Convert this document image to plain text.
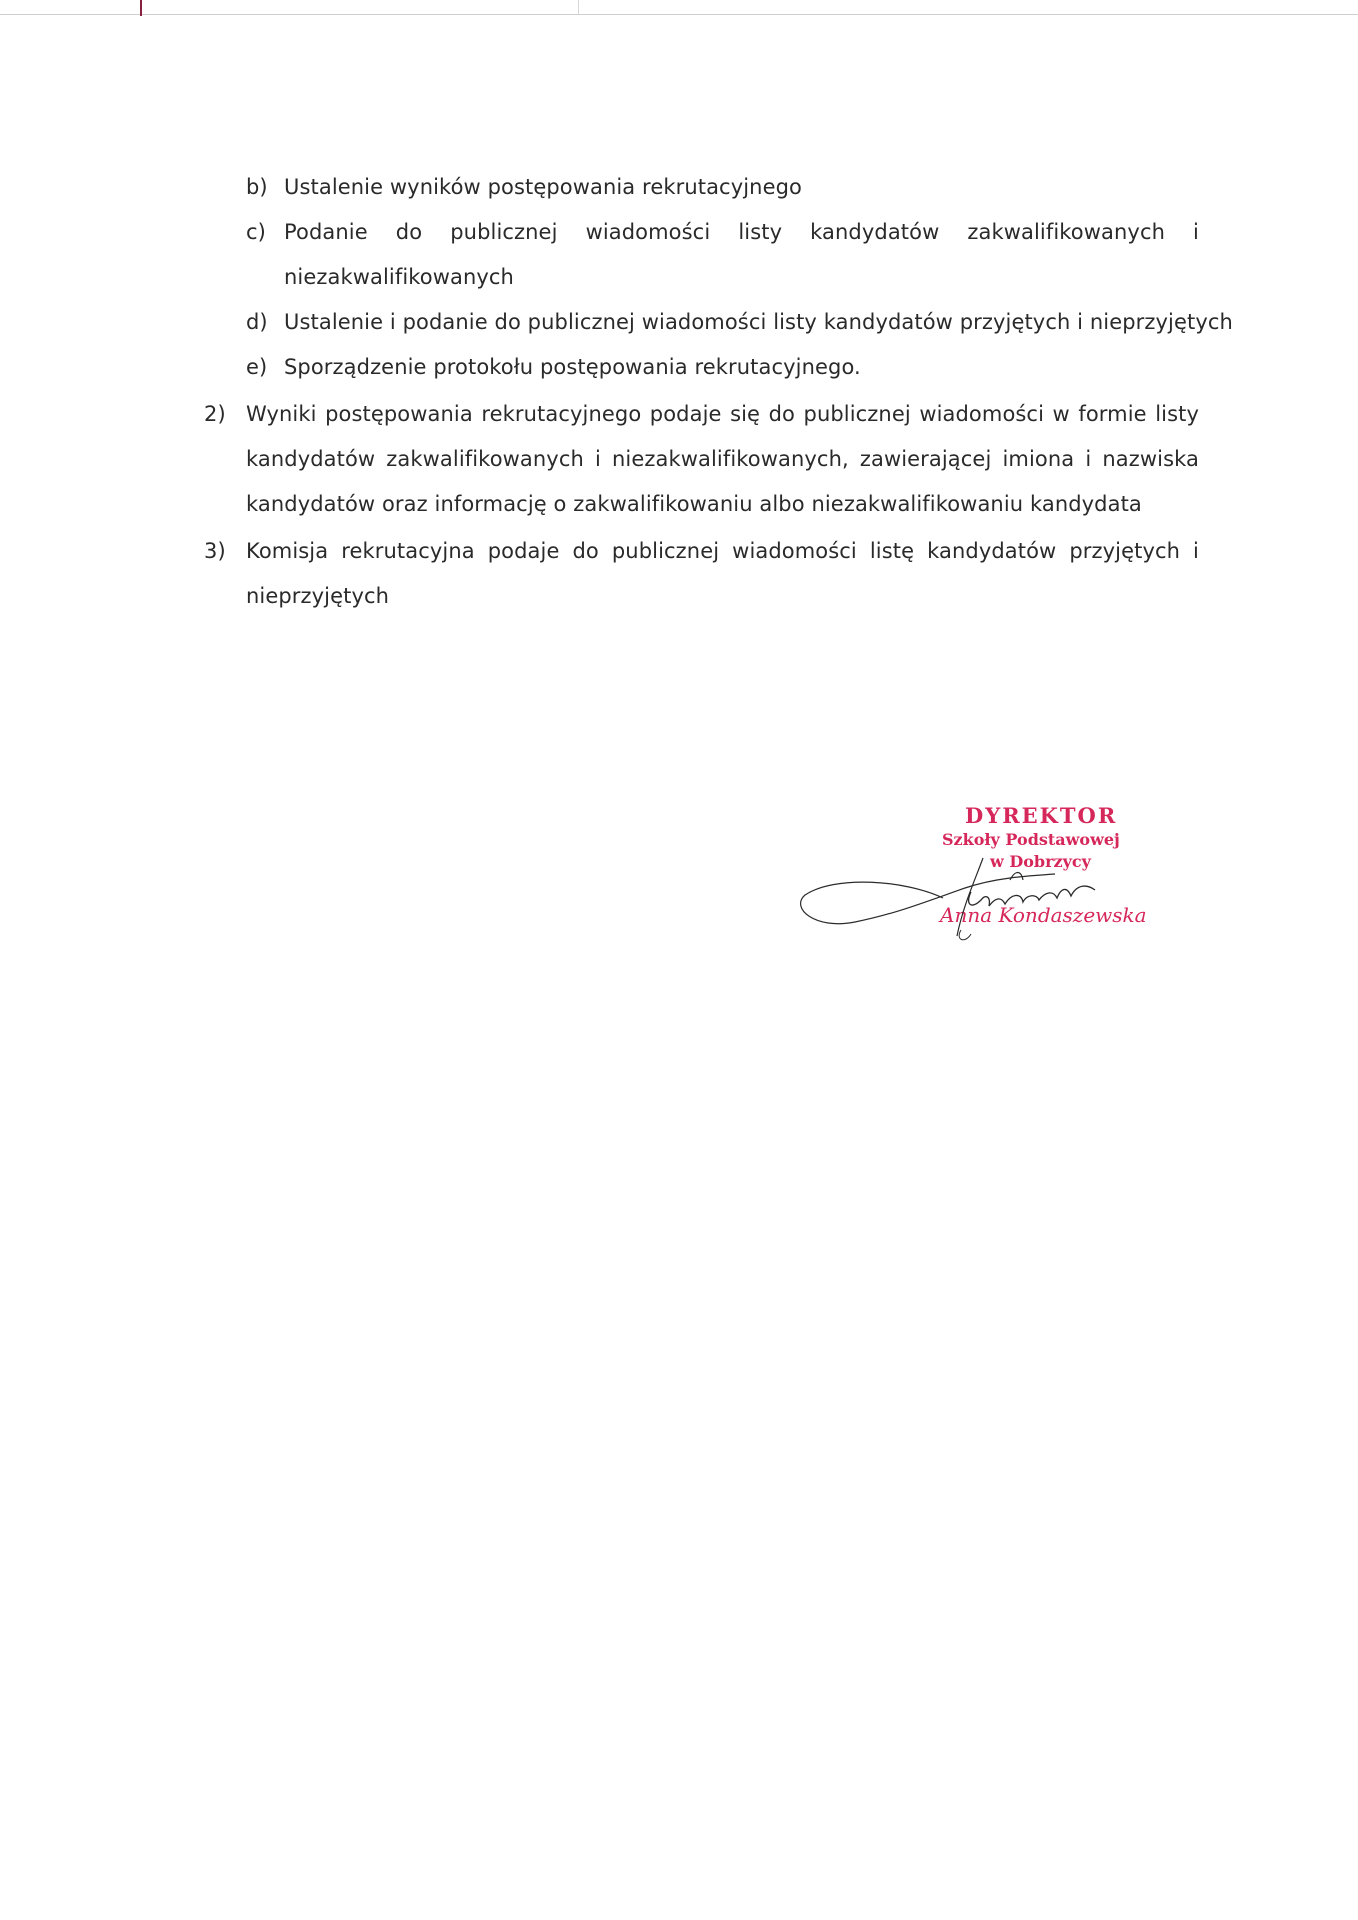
b) Ustalenie wyników postępowania rekrutacyjnego
c) Podanie do publicznej wiadomości listy kandydatów zakwalifikowanych i
niezakwalifikowanych
d) Ustalenie i podanie do publicznej wiadomości listy kandydatów przyjętych i nieprzyjętych
e) Sporządzenie protokołu postępowania rekrutacyjnego.
2) Wyniki postępowania rekrutacyjnego podaje się do publicznej wiadomości w formie listy
kandydatów zakwalifikowanych i niezakwalifikowanych, zawierającej imiona i nazwiska
kandydatów oraz informację o zakwalifikowaniu albo niezakwalifikowaniu kandydata
3) Komisja rekrutacyjna podaje do publicznej wiadomości listę kandydatów przyjętych i
nieprzyjętych
DYREKTOR
Szkoły Podstawowej
w Dobrzycy
Anna Kondaszewska
